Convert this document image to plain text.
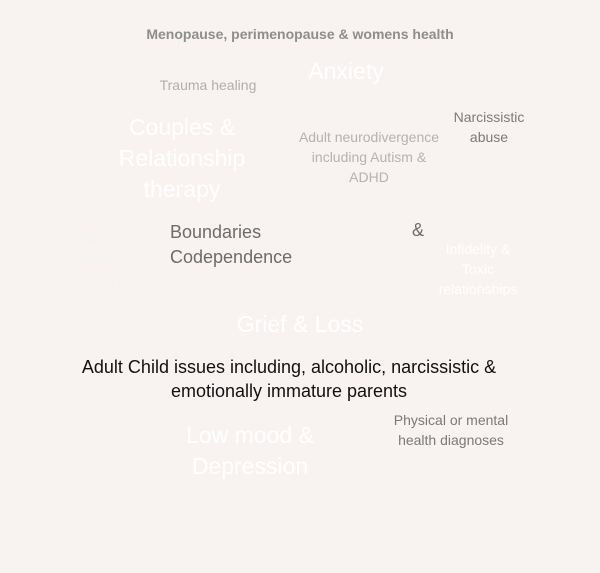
Menopause, perimenopause & womens health

Anxiety

Trauma healing

Narcissistic
abuse
Couples &
Relationship
therapy
Adult neurodivergence
including Autism &
ADHD
Boundaries
Codependence

&

Mens
mental
health
Infidelity &
Toxic
relationships

Grief & Loss

Adult Child issues including, alcoholic, narcissistic &
emotionally immature parents
Physical or mental
health diagnoses
Low mood &
Depression
